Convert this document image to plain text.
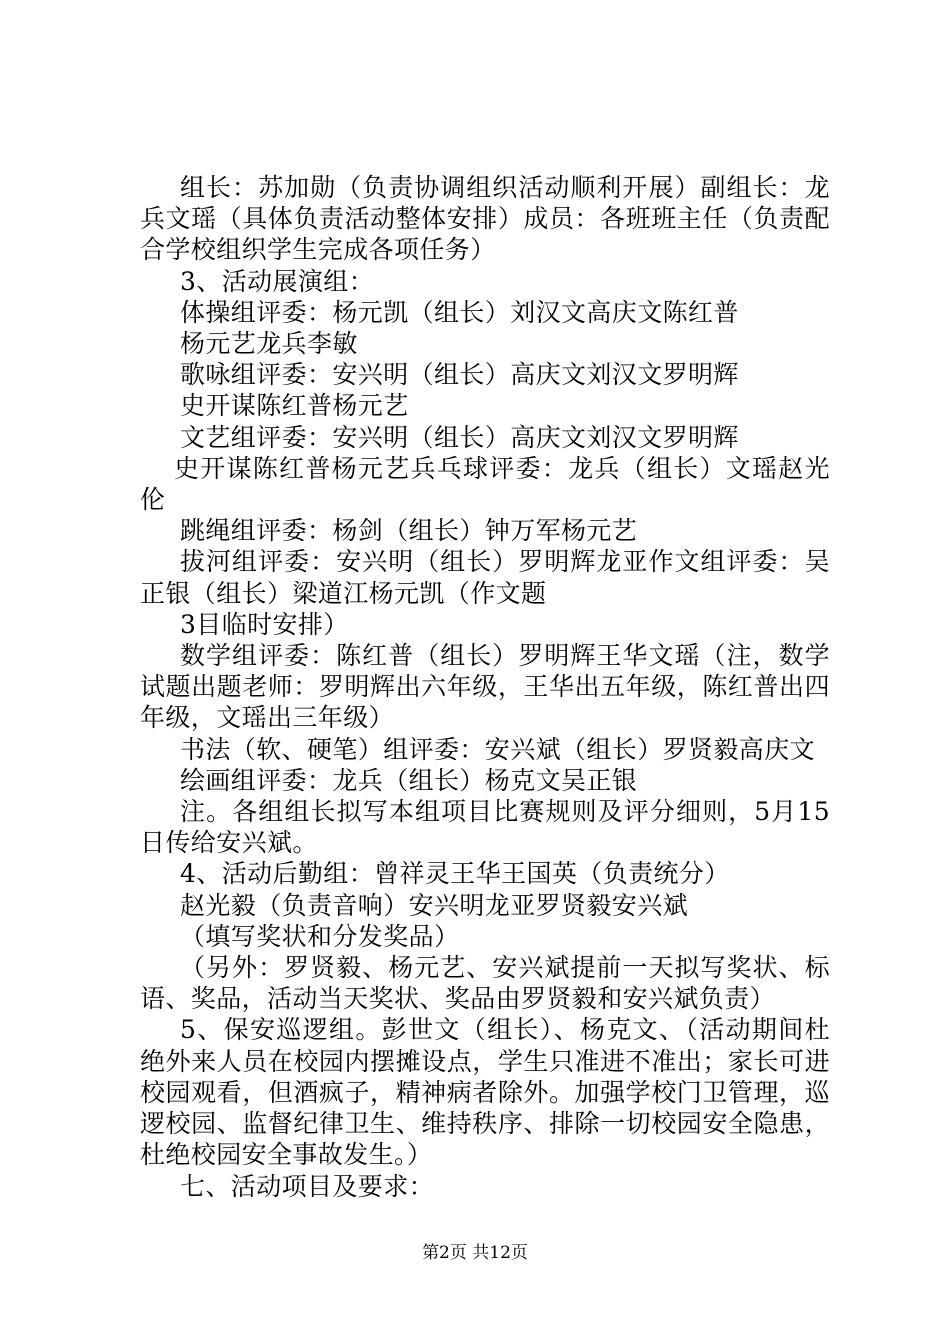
组长：苏加勋（负责协调组织活动顺利开展）副组长：龙兵文瑶（具体负责活动整体安排）成员：各班班主任（负责配合学校组织学生完成各项任务）

3、活动展演组：

体操组评委：杨元凯（组长）刘汉文高庆文陈红普

杨元艺龙兵李敏

歌咏组评委：安兴明（组长）高庆文刘汉文罗明辉

史开谋陈红普杨元艺

文艺组评委：安兴明（组长）高庆文刘汉文罗明辉

史开谋陈红普杨元艺兵乓球评委：龙兵（组长）文瑶赵光伦

跳绳组评委：杨剑（组长）钟万军杨元艺

拔河组评委：安兴明（组长）罗明辉龙亚作文组评委：吴正银（组长）梁道江杨元凯（作文题

3目临时安排）

数学组评委：陈红普（组长）罗明辉王华文瑶（注，数学试题出题老师：罗明辉出六年级，王华出五年级，陈红普出四年级，文瑶出三年级）

书法（软、硬笔）组评委：安兴斌（组长）罗贤毅高庆文

绘画组评委：龙兵（组长）杨克文吴正银

注。各组组长拟写本组项目比赛规则及评分细则，5月15日传给安兴斌。

4、活动后勤组：曾祥灵王华王国英（负责统分）

赵光毅（负责音响）安兴明龙亚罗贤毅安兴斌

（填写奖状和分发奖品）

（另外：罗贤毅、杨元艺、安兴斌提前一天拟写奖状、标语、奖品，活动当天奖状、奖品由罗贤毅和安兴斌负责）

5、保安巡逻组。彭世文（组长）、杨克文、（活动期间杜绝外来人员在校园内摆摊设点，学生只准进不准出；家长可进校园观看，但酒疯子，精神病者除外。加强学校门卫管理，巡逻校园、监督纪律卫生、维持秩序、排除一切校园安全隐患，杜绝校园安全事故发生。）

七、活动项目及要求：

第2页 共12页
